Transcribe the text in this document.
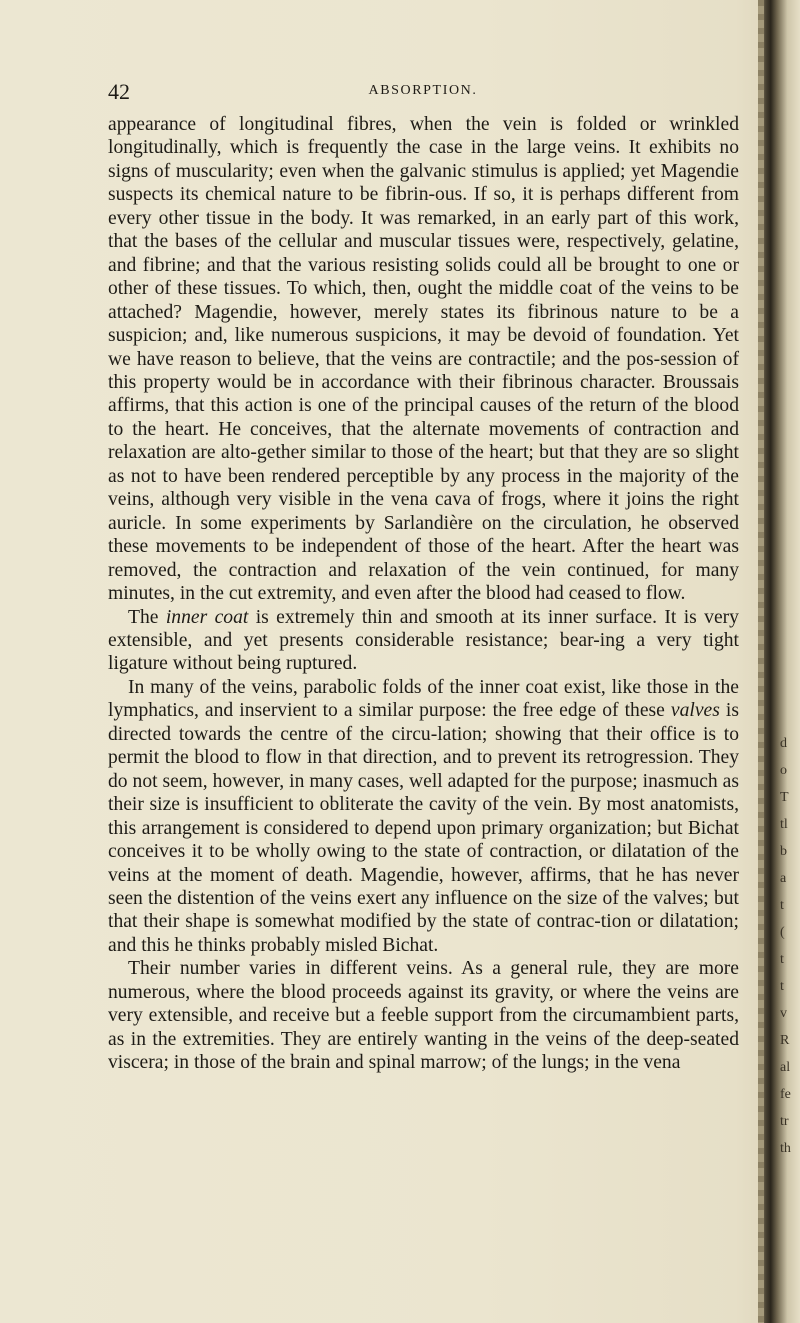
42	ABSORPTION.

appearance of longitudinal fibres, when the vein is folded or wrinkled longitudinally, which is frequently the case in the large veins. It exhibits no signs of muscularity; even when the galvanic stimulus is applied; yet Magendie suspects its chemical nature to be fibrin-ous. If so, it is perhaps different from every other tissue in the body. It was remarked, in an early part of this work, that the bases of the cellular and muscular tissues were, respectively, gelatine, and fibrine; and that the various resisting solids could all be brought to one or other of these tissues. To which, then, ought the middle coat of the veins to be attached? Magendie, however, merely states its fibrinous nature to be a suspicion; and, like numerous suspicions, it may be devoid of foundation. Yet we have reason to believe, that the veins are contractile; and the pos-session of this property would be in accordance with their fibrinous character. Broussais affirms, that this action is one of the principal causes of the return of the blood to the heart. He conceives, that the alternate movements of contraction and relaxation are alto-gether similar to those of the heart; but that they are so slight as not to have been rendered perceptible by any process in the majority of the veins, although very visible in the vena cava of frogs, where it joins the right auricle. In some experiments by Sarlandière on the circulation, he observed these movements to be independent of those of the heart. After the heart was removed, the contraction and relaxation of the vein continued, for many minutes, in the cut extremity, and even after the blood had ceased to flow.

The inner coat is extremely thin and smooth at its inner surface. It is very extensible, and yet presents considerable resistance; bear-ing a very tight ligature without being ruptured.

In many of the veins, parabolic folds of the inner coat exist, like those in the lymphatics, and inservient to a similar purpose: the free edge of these valves is directed towards the centre of the circu-lation; showing that their office is to permit the blood to flow in that direction, and to prevent its retrogression. They do not seem, however, in many cases, well adapted for the purpose; inasmuch as their size is insufficient to obliterate the cavity of the vein. By most anatomists, this arrangement is considered to depend upon primary organization; but Bichat conceives it to be wholly owing to the state of contraction, or dilatation of the veins at the moment of death. Magendie, however, affirms, that he has never seen the distention of the veins exert any influence on the size of the valves; but that their shape is somewhat modified by the state of contrac-tion or dilatation; and this he thinks probably misled Bichat.

Their number varies in different veins. As a general rule, they are more numerous, where the blood proceeds against its gravity, or where the veins are very extensible, and receive but a feeble support from the circumambient parts, as in the extremities. They are entirely wanting in the veins of the deep-seated viscera; in those of the brain and spinal marrow; of the lungs; in the vena

d
o
T
tl
b
a
t
(
t
t
v
R
al
fe
tr
th
